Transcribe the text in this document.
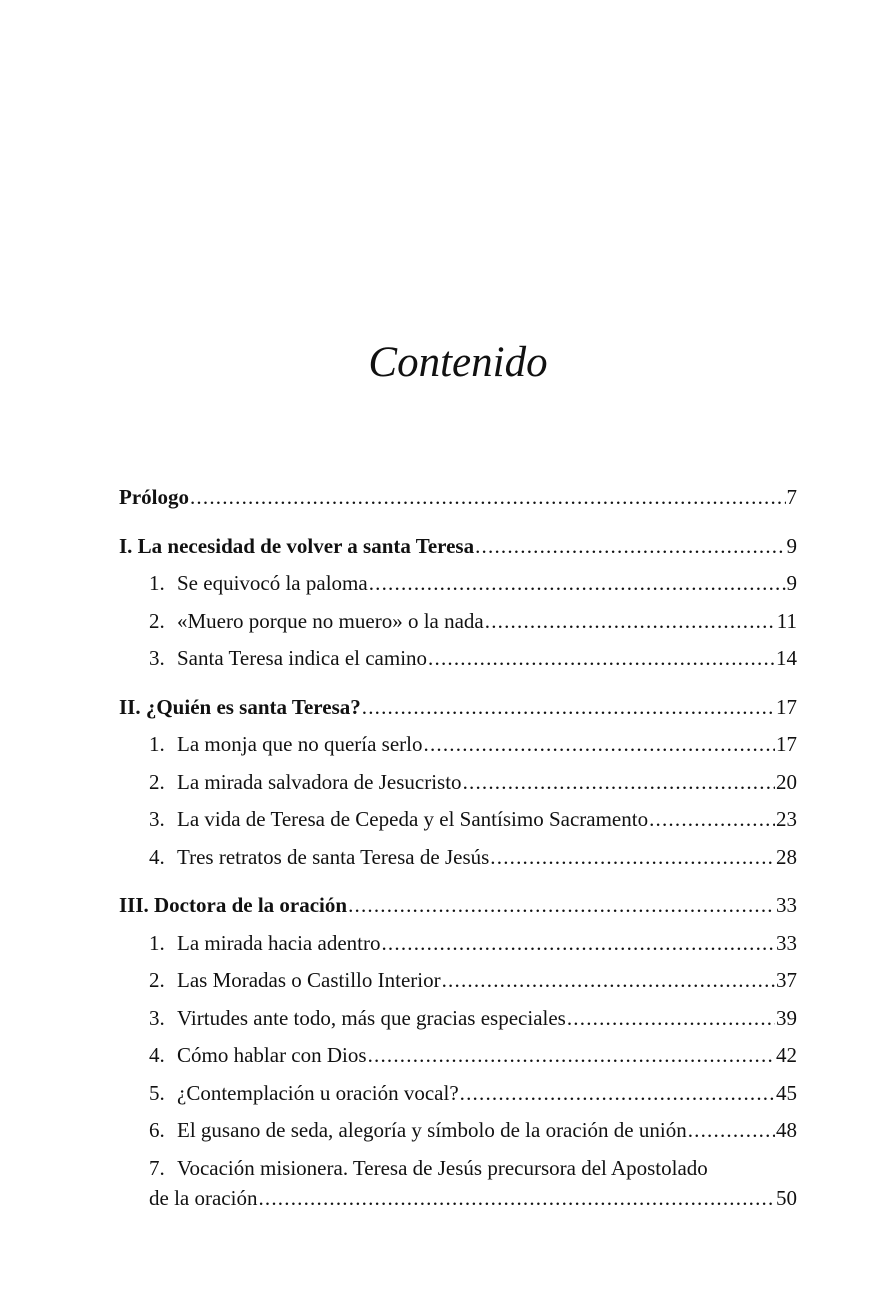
Contenido
Prólogo .....	7
I. La necesidad de volver a santa Teresa .....	9
1. Se equivocó la paloma .....	9
2. «Muero porque no muero» o la nada .....	11
3. Santa Teresa indica el camino .....	14
II. ¿Quién es santa Teresa? .....	17
1. La monja que no quería serlo .....	17
2. La mirada salvadora de Jesucristo .....	20
3. La vida de Teresa de Cepeda y el Santísimo Sacramento .....	23
4. Tres retratos de santa Teresa de Jesús .....	28
III. Doctora de la oración .....	33
1. La mirada hacia adentro .....	33
2. Las Moradas o Castillo Interior .....	37
3. Virtudes ante todo, más que gracias especiales .....	39
4. Cómo hablar con Dios .....	42
5. ¿Contemplación u oración vocal? .....	45
6. El gusano de seda, alegoría y símbolo de la oración de unión .....	48
7. Vocación misionera. Teresa de Jesús precursora del Apostolado
de la oración .....	50
